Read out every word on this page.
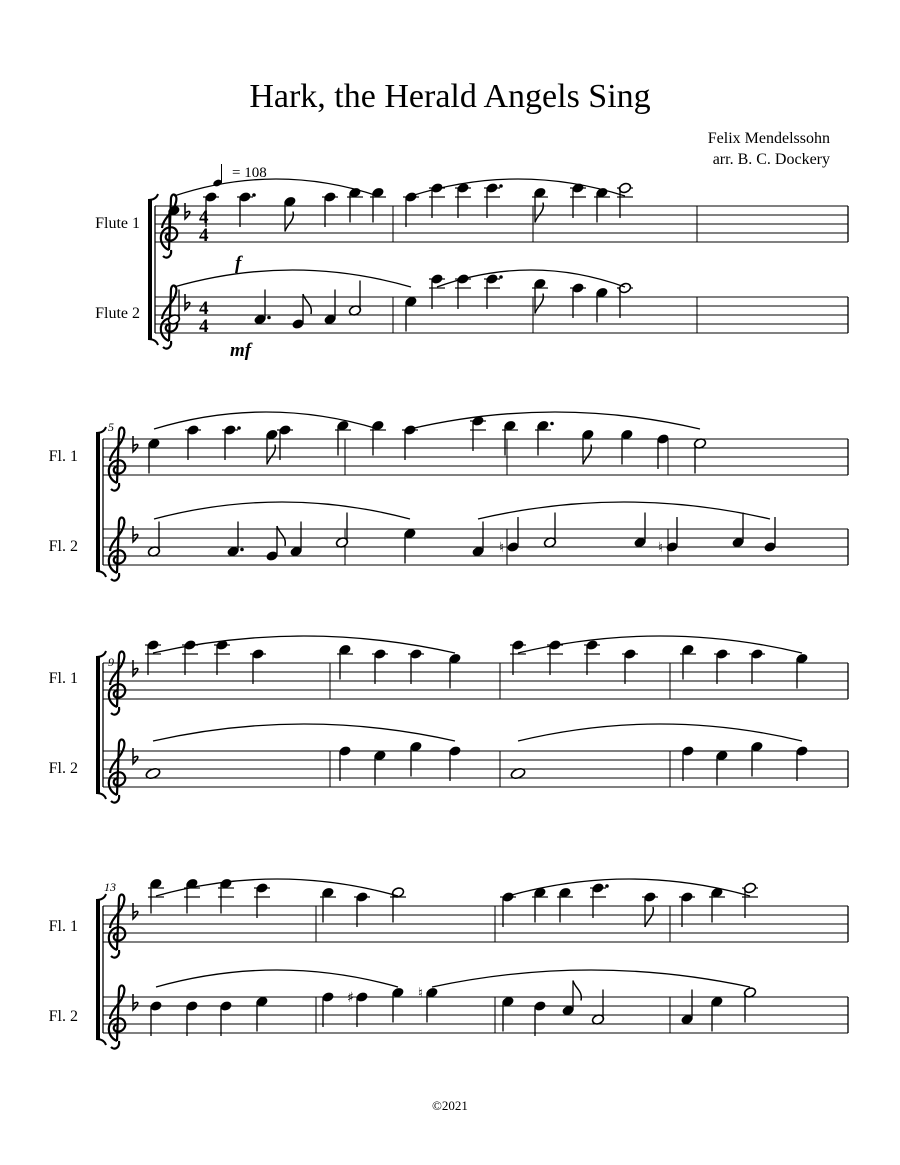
Hark, the Herald Angels Sing
Felix Mendelssohn
arr. B. C. Dockery
= 108
Flute 1
Flute 2
Fl. 1
Fl. 2
Fl. 1
Fl. 2
Fl. 1
Fl. 2
5
9
13
f
mf
4
4
4
4
♮	♮
♯	♮
©2021
